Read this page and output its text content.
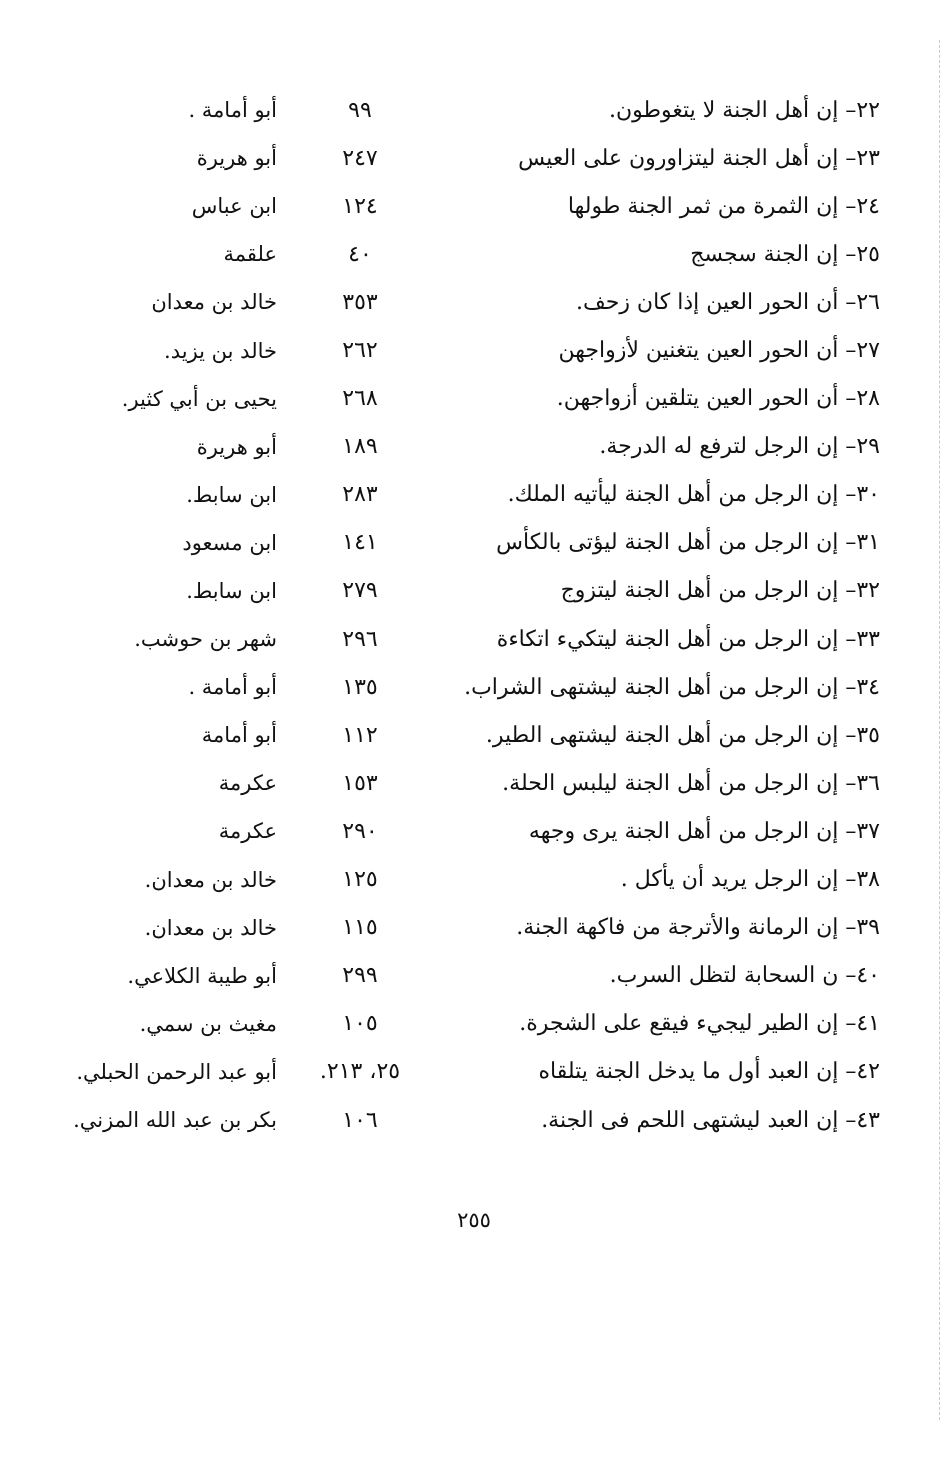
٢٢– إن أهل الجنة لا يتغوطون.
٩٩
أبو أمامة .
٢٣– إن أهل الجنة ليتزاورون على العيس
٢٤٧
أبو هريرة
٢٤– إن الثمرة من ثمر الجنة طولها
١٢٤
ابن عباس
٢٥– إن الجنة سجسج
٤٠
علقمة
٢٦– أن الحور العين إذا كان زحف.
٣٥٣
خالد بن معدان
٢٧– أن الحور العين يتغنين لأزواجهن
٢٦٢
خالد بن يزيد.
٢٨– أن الحور العين يتلقين أزواجهن.
٢٦٨
يحيى بن أبي كثير.
٢٩– إن الرجل لترفع له الدرجة.
١٨٩
أبو هريرة
٣٠– إن الرجل من أهل الجنة ليأتيه الملك.
٢٨٣
ابن سابط.
٣١– إن الرجل من أهل الجنة ليؤتى بالكأس
١٤١
ابن مسعود
٣٢– إن الرجل من أهل الجنة ليتزوج
٢٧٩
ابن سابط.
٣٣– إن الرجل من أهل الجنة ليتكيء اتكاءة
٢٩٦
شهر بن حوشب.
٣٤– إن الرجل من أهل الجنة ليشتهى الشراب.
١٣٥
أبو أمامة .
٣٥– إن الرجل من أهل الجنة ليشتهى الطير.
١١٢
أبو أمامة
٣٦– إن الرجل من أهل الجنة ليلبس الحلة.
١٥٣
عكرمة
٣٧– إن الرجل من أهل الجنة يرى وجهه
٢٩٠
عكرمة
٣٨– إن الرجل يريد أن يأكل .
١٢٥
خالد بن معدان.
٣٩– إن الرمانة والأترجة من فاكهة الجنة.
١١٥
خالد بن معدان.
٤٠– ن السحابة لتظل السرب.
٢٩٩
أبو طيبة الكلاعي.
٤١– إن الطير ليجيء فيقع على الشجرة.
١٠٥
مغيث بن سمي.
٤٢– إن العبد أول ما يدخل الجنة يتلقاه
٢٥، ٢١٣.
أبو عبد الرحمن الحبلي.
٤٣– إن العبد ليشتهى اللحم فى الجنة.
١٠٦
بكر بن عبد الله المزني.
٢٥٥
